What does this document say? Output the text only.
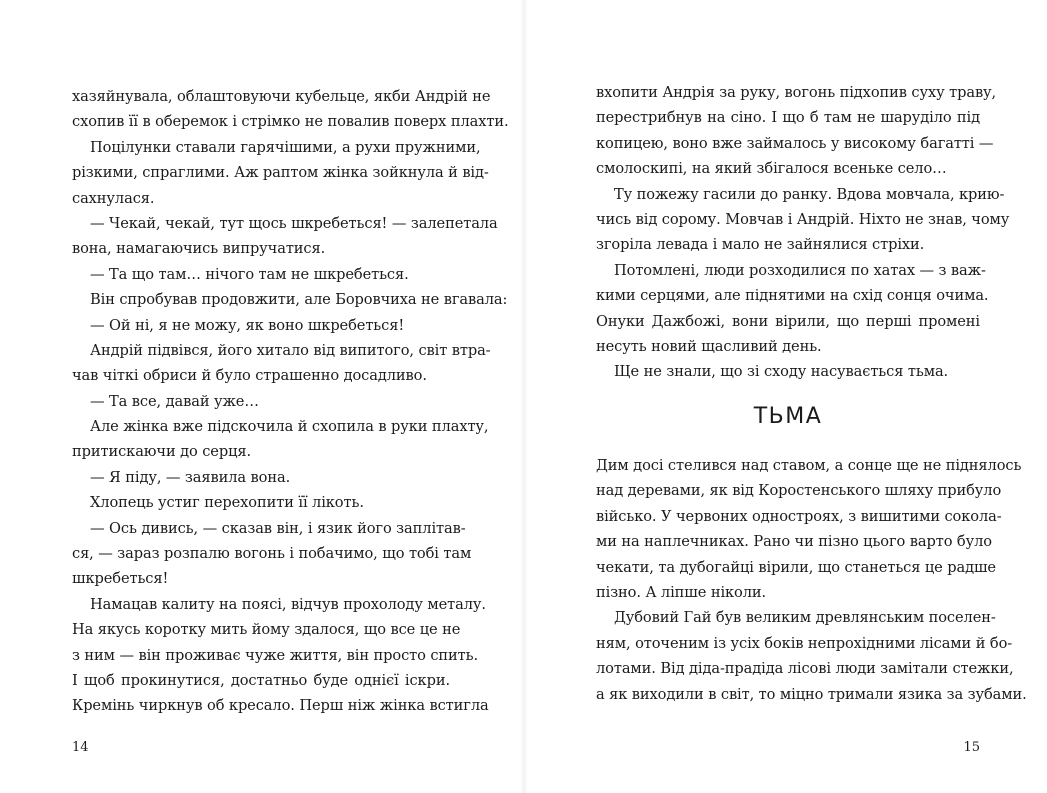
хазяйнувала, облаштовуючи кубельце, якби Андрій не
схопив її в оберемок і стрімко не повалив поверх плахти.
Поцілунки ставали гарячішими, а рухи пружними,
різкими, спраглими. Аж раптом жінка зойкнула й від-
сахнулася.
— Чекай, чекай, тут щось шкребеться! — залепетала
вона, намагаючись випручатися.
— Та що там… нічого там не шкребеться.
Він спробував продовжити, але Боровчиха не вгавала:
— Ой ні, я не можу, як воно шкребеться!
Андрій підвівся, його хитало від випитого, світ втра-
чав чіткі обриси й було страшенно досадливо.
— Та все, давай уже…
Але жінка вже підскочила й схопила в руки плахту,
притискаючи до серця.
— Я піду, — заявила вона.
Хлопець устиг перехопити її лікоть.
— Ось дивись, — сказав він, і язик його заплітав-
ся, — зараз розпалю вогонь і побачимо, що тобі там
шкребеться!
Намацав калиту на поясі, відчув прохолоду металу.
На якусь коротку мить йому здалося, що все це не
з ним — він проживає чуже життя, він просто спить.
І щоб прокинутися, достатньо буде однієї іскри.
Кремінь чиркнув об кресало. Перш ніж жінка встигла
14
вхопити Андрія за руку, вогонь підхопив суху траву,
перестрибнув на сіно. І що б там не шаруділо під
копицею, воно вже займалось у високому багатті —
смолоскипі, на який збігалося всеньке село…
Ту пожежу гасили до ранку. Вдова мовчала, крию-
чись від сорому. Мовчав і Андрій. Ніхто не знав, чому
згоріла левада і мало не зайнялися стріхи.
Потомлені, люди розходилися по хатах — з важ-
кими серцями, але піднятими на схід сонця очима.
Онуки Дажбожі, вони вірили, що перші промені
несуть новий щасливий день.
Ще не знали, що зі сходу насувається тьма.
ТЬМА
Дим досі стелився над ставом, а сонце ще не піднялось
над деревами, як від Коростенського шляху прибуло
військо. У червоних одностроях, з вишитими сокола-
ми на наплечниках. Рано чи пізно цього варто було
чекати, та дубогайці вірили, що станеться це радше
пізно. А ліпше ніколи.
Дубовий Гай був великим древлянським поселен-
ням, оточеним із усіх боків непрохідними лісами й бо-
лотами. Від діда-прадіда лісові люди замітали стежки,
а як виходили в світ, то міцно тримали язика за зубами.
15
